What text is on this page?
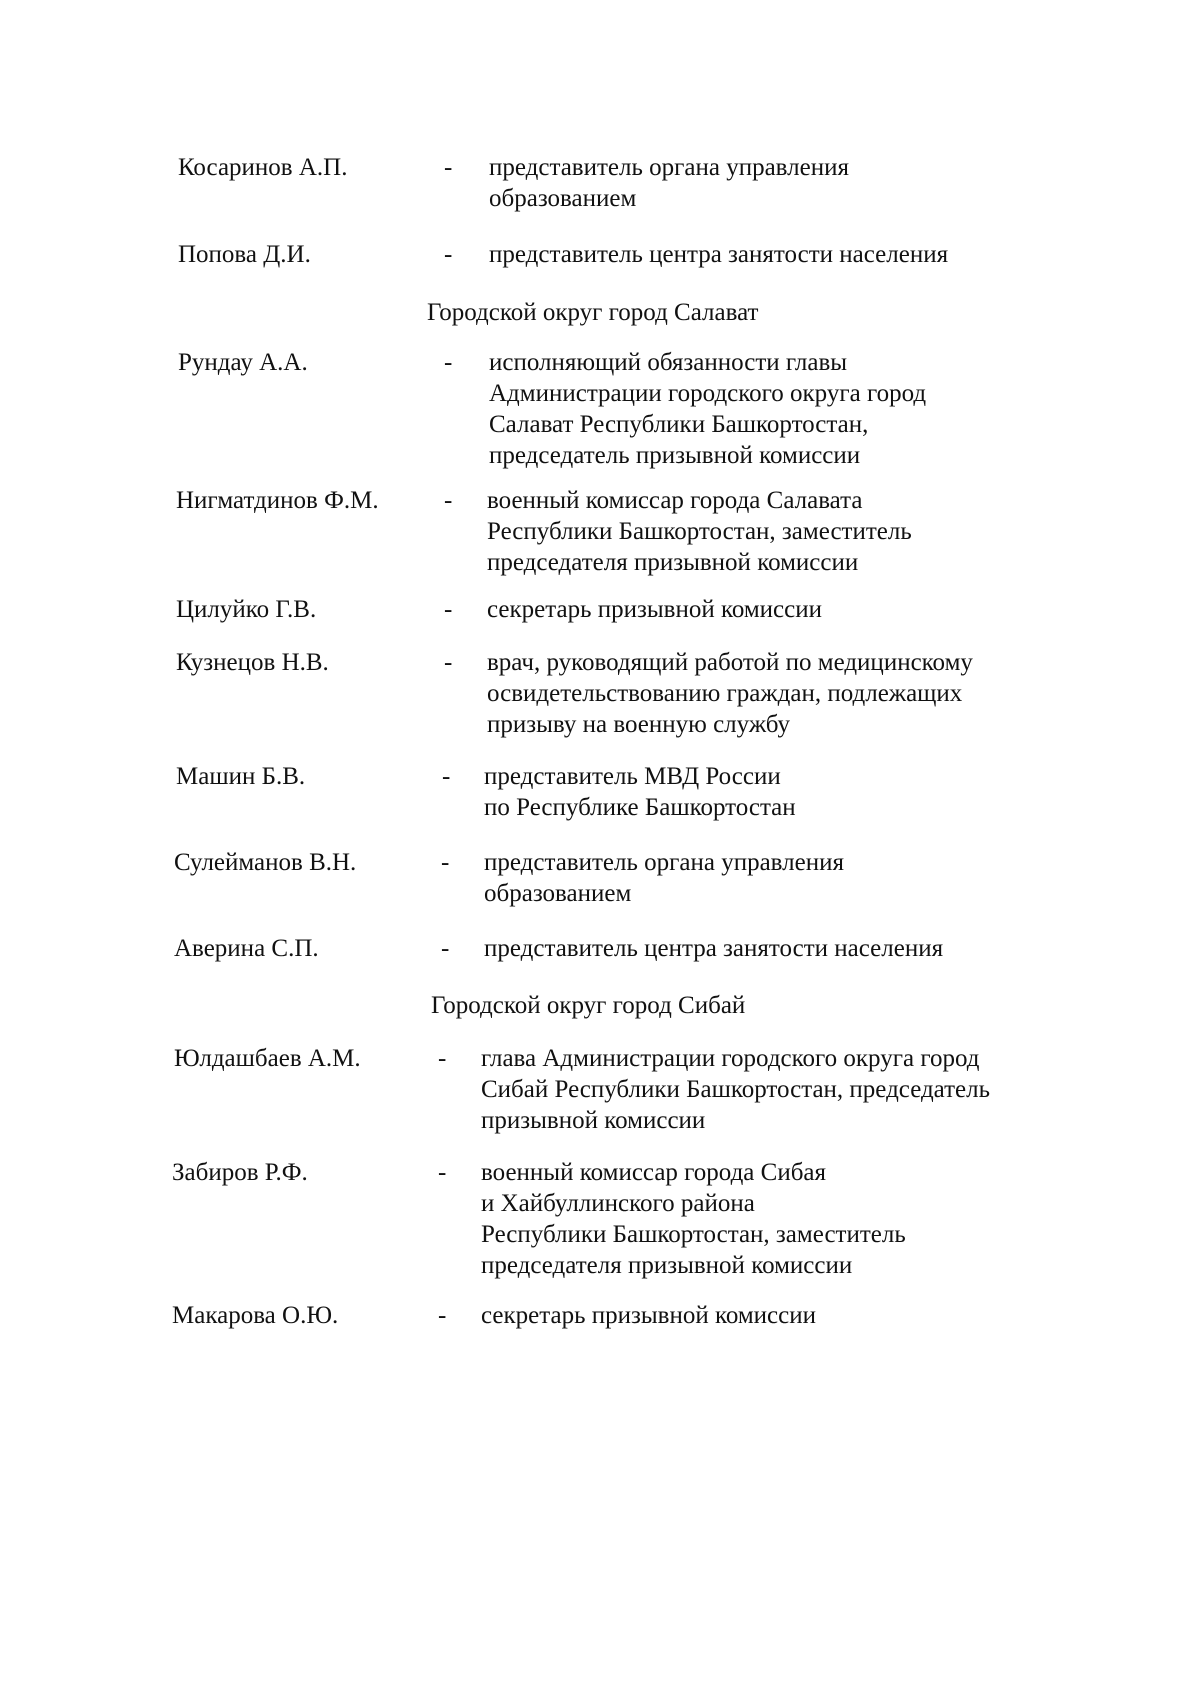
Косаринов А.П.	- представитель органа управления
образованием
Попова Д.И.	- представитель центра занятости населения
Городской округ город Салават
Рундау А.А.	- исполняющий обязанности главы
Администрации городского округа город
Салават Республики Башкортостан,
председатель призывной комиссии
Нигматдинов Ф.М.	- военный комиссар города Салавата
Республики Башкортостан, заместитель
председателя призывной комиссии
Цилуйко Г.В.	- секретарь призывной комиссии
Кузнецов Н.В.	- врач, руководящий работой по медицинскому
освидетельствованию граждан, подлежащих
призыву на военную службу
Машин Б.В.	- представитель МВД России
по Республике Башкортостан
Сулейманов В.Н.	- представитель органа управления
образованием
Аверина С.П.	- представитель центра занятости населения
Городской округ город Сибай
Юлдашбаев А.М.	- глава Администрации городского округа город
Сибай Республики Башкортостан, председатель
призывной комиссии
Забиров Р.Ф.	- военный комиссар города Сибая
и Хайбуллинского района
Республики Башкортостан, заместитель
председателя призывной комиссии
Макарова О.Ю.	- секретарь призывной комиссии
